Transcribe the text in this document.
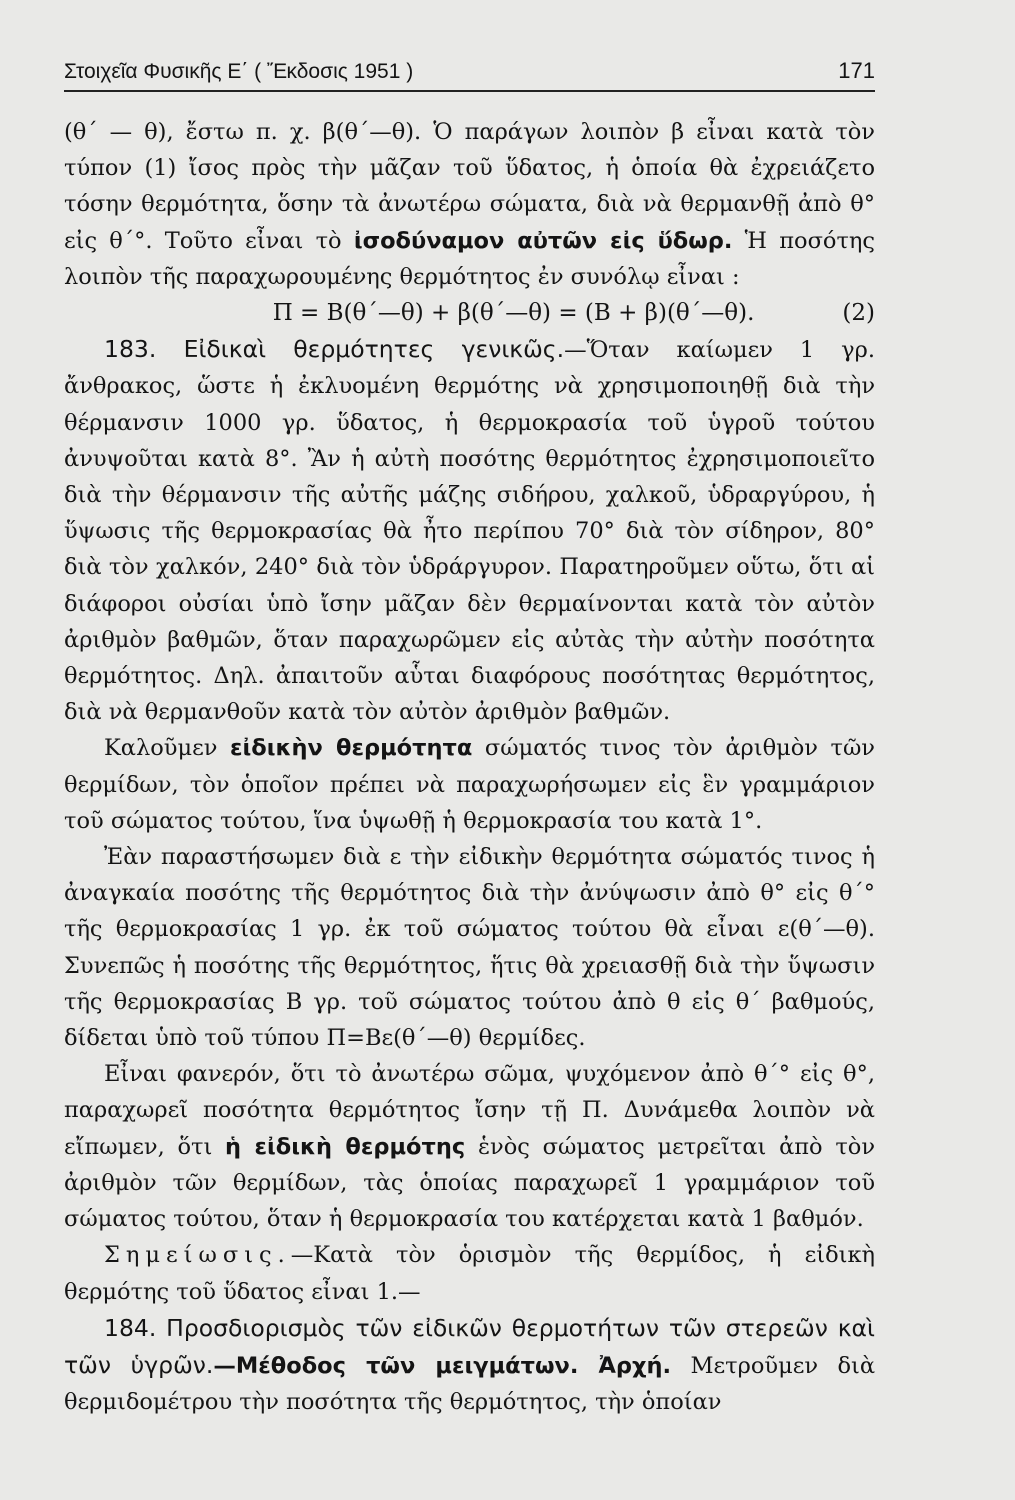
Στοιχεῖα Φυσικῆς Ε΄ ( Ἔκδοσις 1951 )	171

(θ΄ — θ), ἔστω π. χ. β(θ΄—θ). Ὁ παράγων λοιπὸν β εἶναι κατὰ τὸν τύπον (1) ἴσος πρὸς τὴν μᾶζαν τοῦ ὕδατος, ἡ ὁποία θὰ ἐχρειάζετο τόσην θερμότητα, ὅσην τὰ ἀνωτέρω σώματα, διὰ νὰ θερμανθῇ ἀπὸ θ° εἰς θ΄°. Τοῦτο εἶναι τὸ ἰσοδύναμον αὐτῶν εἰς ὕδωρ. Ἡ ποσότης λοιπὸν τῆς παραχωρουμένης θερμότητος ἐν συνόλῳ εἶναι :

Π = Β(θ΄—θ) + β(θ΄—θ) = (Β + β)(θ΄—θ).	(2)

183. Εἰδικαὶ θερμότητες γενικῶς.—Ὅταν καίωμεν 1 γρ. ἄνθρακος, ὥστε ἡ ἐκλυομένη θερμότης νὰ χρησιμοποιηθῇ διὰ τὴν θέρμανσιν 1000 γρ. ὕδατος, ἡ θερμοκρασία τοῦ ὑγροῦ τούτου ἀνυψοῦται κατὰ 8°. Ἂν ἡ αὐτὴ ποσότης θερμότητος ἐχρησιμοποιεῖτο διὰ τὴν θέρμανσιν τῆς αὐτῆς μάζης σιδήρου, χαλκοῦ, ὑδραργύρου, ἡ ὕψωσις τῆς θερμοκρασίας θὰ ἦτο περίπου 70° διὰ τὸν σίδηρον, 80° διὰ τὸν χαλκόν, 240° διὰ τὸν ὑδράργυρον. Παρατηροῦμεν οὕτω, ὅτι αἱ διάφοροι οὐσίαι ὑπὸ ἴσην μᾶζαν δὲν θερμαίνονται κατὰ τὸν αὐτὸν ἀριθμὸν βαθμῶν, ὅταν παραχωρῶμεν εἰς αὐτὰς τὴν αὐτὴν ποσότητα θερμότητος. Δηλ. ἀπαιτοῦν αὗται διαφόρους ποσότητας θερμότητος, διὰ νὰ θερμανθοῦν κατὰ τὸν αὐτὸν ἀριθμὸν βαθμῶν.

Καλοῦμεν εἰδικὴν θερμότητα σώματός τινος τὸν ἀριθμὸν τῶν θερμίδων, τὸν ὁποῖον πρέπει νὰ παραχωρήσωμεν εἰς ἓν γραμμάριον τοῦ σώματος τούτου, ἵνα ὑψωθῇ ἡ θερμοκρασία του κατὰ 1°.

Ἐὰν παραστήσωμεν διὰ ε τὴν εἰδικὴν θερμότητα σώματός τινος ἡ ἀναγκαία ποσότης τῆς θερμότητος διὰ τὴν ἀνύψωσιν ἀπὸ θ° εἰς θ΄° τῆς θερμοκρασίας 1 γρ. ἐκ τοῦ σώματος τούτου θὰ εἶναι ε(θ΄—θ). Συνεπῶς ἡ ποσότης τῆς θερμότητος, ἥτις θὰ χρειασθῇ διὰ τὴν ὕψωσιν τῆς θερμοκρασίας Β γρ. τοῦ σώματος τούτου ἀπὸ θ εἰς θ΄ βαθμούς, δίδεται ὑπὸ τοῦ τύπου Π=Βε(θ΄—θ) θερμίδες.

Εἶναι φανερόν, ὅτι τὸ ἀνωτέρω σῶμα, ψυχόμενον ἀπὸ θ΄° εἰς θ°, παραχωρεῖ ποσότητα θερμότητος ἴσην τῇ Π. Δυνάμεθα λοιπὸν νὰ εἴπωμεν, ὅτι ἡ εἰδικὴ θερμότης ἑνὸς σώματος μετρεῖται ἀπὸ τὸν ἀριθμὸν τῶν θερμίδων, τὰς ὁποίας παραχωρεῖ 1 γραμμάριον τοῦ σώματος τούτου, ὅταν ἡ θερμοκρασία του κατέρχεται κατὰ 1 βαθμόν.

Σημείωσις.—Κατὰ τὸν ὁρισμὸν τῆς θερμίδος, ἡ εἰδικὴ θερμότης τοῦ ὕδατος εἶναι 1.—

184. Προσδιορισμὸς τῶν εἰδικῶν θερμοτήτων τῶν στερεῶν καὶ τῶν ὑγρῶν.—Μέθοδος τῶν μειγμάτων. Ἀρχή. Μετροῦμεν διὰ θερμιδομέτρου τὴν ποσότητα τῆς θερμότητος, τὴν ὁποίαν
